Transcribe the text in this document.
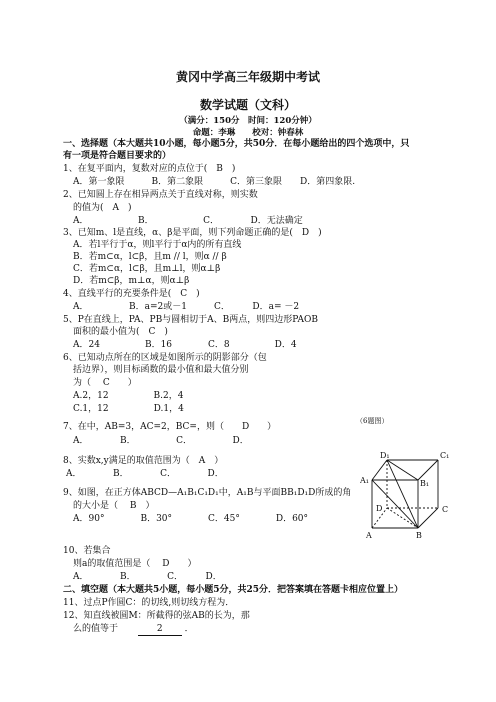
黄冈中学高三年级期中考试
数学试题（文科）
（满分：150分　时间：120分钟）
命题：李琳　　校对：钟春林
一、选择题（本大题共10小题，每小题5分，共50分．在每小题给出的四个选项中，只
有一项是符合题目要求的）
1、在复平面内，复数对应的点位于(　B　)
A．第一象限　　　B．第二象限　　　C．第三象限　　D．第四象限.
2、已知圆上存在相异两点关于直线对称，则实数
的值为(　A　)
A．　　　　　　B．　　　　　　C．　　　　D．无法确定
3、已知m、l是直线，α、β是平面，则下列命题正确的是(　D　)
A．若l平行于α，则l平行于α内的所有直线
B．若m⊂α，l⊂β，且m // l，则α // β
C．若m⊂α，l⊂β，且m⊥l，则α⊥β
D．若m⊂β，m⊥α，则α⊥β
4、直线平行的充要条件是(　C　)
A．　　　　　B．a=2或－1　　　C．　　　D．a= －2
5、P在直线上，PA、PB与圆相切于A、B两点，则四边形PAOB
面积的最小值为(　C　)
A．24　　　　　B．16　　　　C．8　　　　　D．4
6、已知动点所在的区域是如图所示的阴影部分（包
括边界），则目标函数的最小值和最大值分别
为（　 C　　）
A.2，12　　　　　B.2，4
C.1，12　　　　　D.1，4
（6题图）
7、在中，AB=3，AC=2，BC=，则（　　D　　）
A．　　　　B．　　　　　C．　　　　　D．
8、实数x,y满足的取值范围为（　A　）
A．　　　　B．　　　　C．　　　　D．
9、如图，在正方体ABCD—A₁B₁C₁D₁中，A₁B与平面BB₁D₁D所成的角
的大小是（　 B　）
A．90°　　　　B．30°　　　　C．45°　　　　D．60°
10、若集合
则a的取值范围是（　 D　　）
A．　　　　B．　　　　C．　　　D．
二、填空题（本大题共5小题，每小题5分，共25分．把答案填在答题卡相应位置上）
11、过点P作圆C：的切线,则切线方程为．
12、知直线被圆M：所截得的弦AB的长为，那
么的值等于	2 ．
D₁	C₁
A₁	B₁
D	C
A	B
